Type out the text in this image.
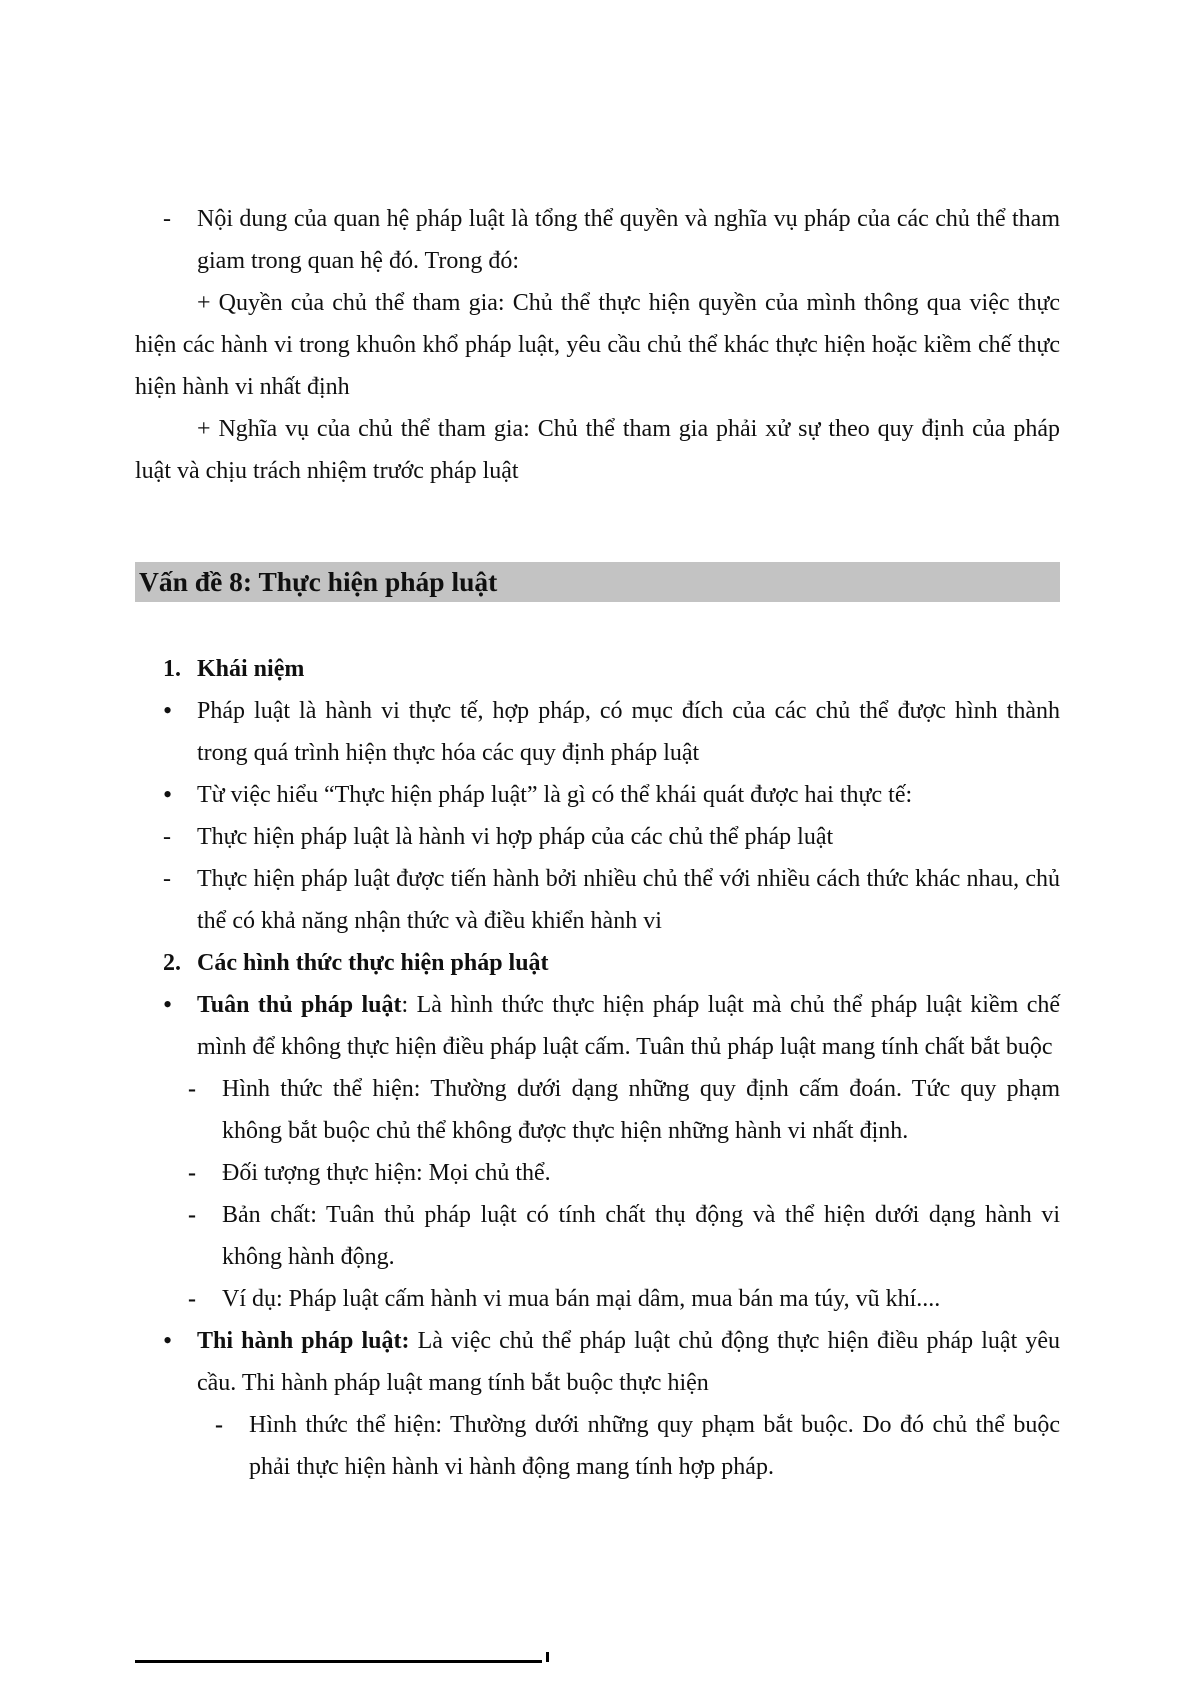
-	Nội dung của quan hệ pháp luật là tổng thể quyền và nghĩa vụ pháp của các chủ thể tham giam trong quan hệ đó. Trong đó:
+ Quyền của chủ thể tham gia: Chủ thể thực hiện quyền của mình thông qua việc thực hiện các hành vi trong khuôn khổ pháp luật, yêu cầu chủ thể khác thực hiện hoặc kiềm chế thực hiện hành vi nhất định
+ Nghĩa vụ của chủ thể tham gia: Chủ thể tham gia phải xử sự theo quy định của pháp luật và chịu trách nhiệm trước pháp luật
Vấn đề 8: Thực hiện pháp luật
1. Khái niệm
•	Pháp luật là hành vi thực tế, hợp pháp, có mục đích của các chủ thể được hình thành trong quá trình hiện thực hóa các quy định pháp luật
•	Từ việc hiểu “Thực hiện pháp luật” là gì có thể khái quát được hai thực tế:
-	Thực hiện pháp luật là hành vi hợp pháp của các chủ thể pháp luật
-	Thực hiện pháp luật được tiến hành bởi nhiều chủ thể với nhiều cách thức khác nhau, chủ thể có khả năng nhận thức và điều khiển hành vi
2. Các hình thức thực hiện pháp luật
•	Tuân thủ pháp luật: Là hình thức thực hiện pháp luật mà chủ thể pháp luật kiềm chế mình để không thực hiện điều pháp luật cấm. Tuân thủ pháp luật mang tính chất bắt buộc
-	Hình thức thể hiện: Thường dưới dạng những quy định cấm đoán. Tức quy phạm không bắt buộc chủ thể không được thực hiện những hành vi nhất định.
-	Đối tượng thực hiện: Mọi chủ thể.
-	Bản chất: Tuân thủ pháp luật có tính chất thụ động và thể hiện dưới dạng hành vi không hành động.
-	Ví dụ: Pháp luật cấm hành vi mua bán mại dâm, mua bán ma túy, vũ khí....
•	Thi hành pháp luật: Là việc chủ thể pháp luật chủ động thực hiện điều pháp luật yêu cầu. Thi hành pháp luật mang tính bắt buộc thực hiện
-	Hình thức thể hiện: Thường dưới những quy phạm bắt buộc. Do đó chủ thể buộc phải thực hiện hành vi hành động mang tính hợp pháp.
